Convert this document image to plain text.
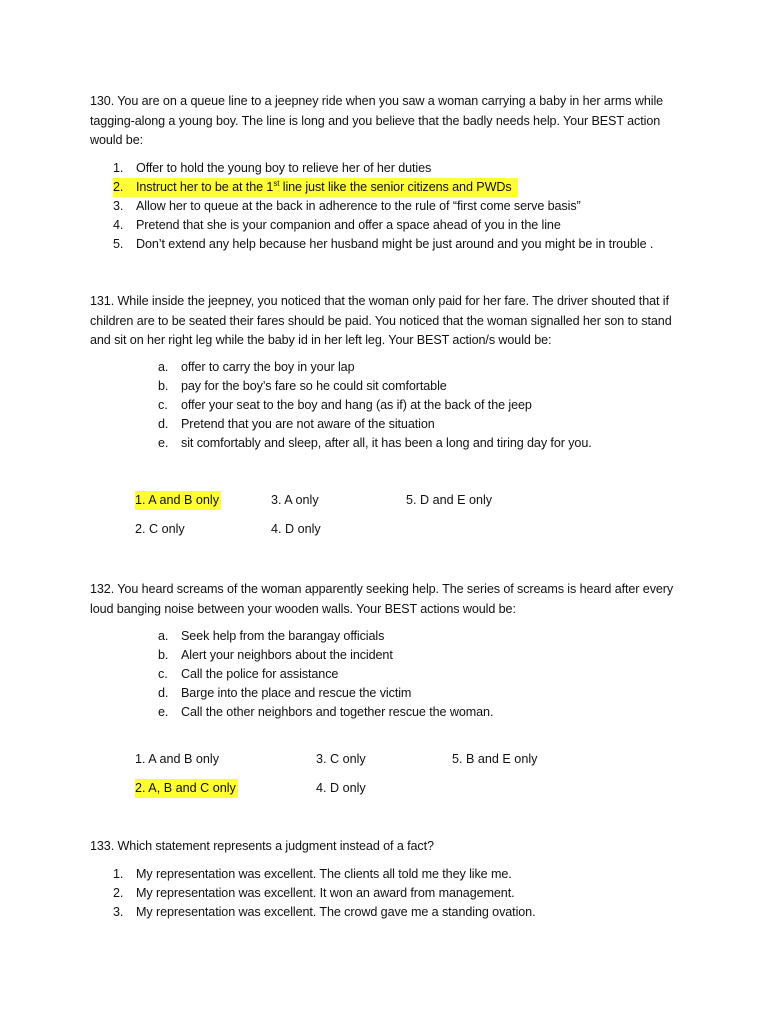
130. You are on a queue line to a jeepney ride when you saw a woman carrying a baby in her arms while tagging-along a young boy. The line is long and you believe that the badly needs help. Your BEST action would be:
1. Offer to hold the young boy to relieve her of her duties
2. Instruct her to be at the 1st line just like the senior citizens and PWDs
3. Allow her to queue at the back in adherence to the rule of “first come serve basis”
4. Pretend that she is your companion and offer a space ahead of you in the line
5. Don’t extend any help because her husband might be just around and you might be in trouble .
131. While inside the jeepney, you noticed that the woman only paid for her fare. The driver shouted that if children are to be seated their fares should be paid. You noticed that the woman signalled her son to stand and sit on her right leg while the baby id in her left leg. Your BEST action/s would be:
a. offer to carry the boy in your lap
b. pay for the boy’s fare so he could sit comfortable
c. offer your seat to the boy and hang (as if) at the back of the jeep
d. Pretend that you are not aware of the situation
e. sit comfortably and sleep, after all, it has been a long and tiring day for you.
1. A and B only	3. A only	5. D and E only
2. C only	4. D only
132. You heard screams of the woman apparently seeking help. The series of screams is heard after every loud banging noise between your wooden walls. Your BEST actions would be:
a. Seek help from the barangay officials
b. Alert your neighbors about the incident
c. Call the police for assistance
d. Barge into the place and rescue the victim
e. Call the other neighbors and together rescue the woman.
1. A and B only	3. C only	5. B and E only
2. A, B and C only	4. D only
133. Which statement represents a judgment instead of a fact?
1. My representation was excellent. The clients all told me they like me.
2. My representation was excellent. It won an award from management.
3. My representation was excellent. The crowd gave me a standing ovation.
